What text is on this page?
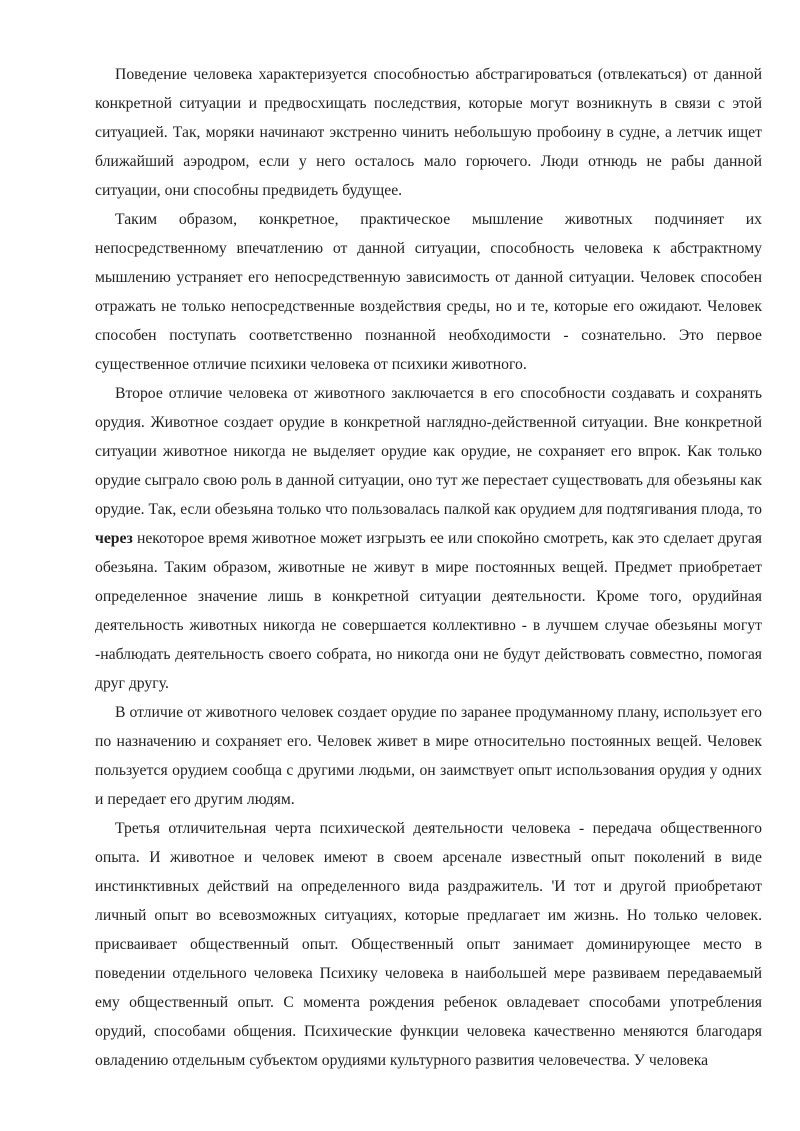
Поведение человека характеризуется способностью абстрагироваться (отвлекаться) от данной конкретной ситуации и предвосхищать последствия, которые могут возникнуть в связи с этой ситуацией. Так, моряки начинают экстренно чинить небольшую пробоину в судне, а летчик ищет ближайший аэродром, если у него осталось мало горючего. Люди отнюдь не рабы данной ситуации, они способны предвидеть будущее.

Таким образом, конкретное, практическое мышление животных подчиняет их непосредственному впечатлению от данной ситуации, способность человека к абстрактному мышлению устраняет его непосредственную зависимость от данной ситуации. Человек способен отражать не только непосредственные воздействия среды, но и те, которые его ожидают. Человек способен поступать соответственно познанной необходимости - сознательно. Это первое существенное отличие психики человека от психики животного.

Второе отличие человека от животного заключается в его способности создавать и сохранять орудия. Животное создает орудие в конкретной наглядно-действенной ситуации. Вне конкретной ситуации животное никогда не выделяет орудие как орудие, не сохраняет его впрок. Как только орудие сыграло свою роль в данной ситуации, оно тут же перестает существовать для обезьяны как орудие. Так, если обезьяна только что пользовалась палкой как орудием для подтягивания плода, то через некоторое время животное может изгрызть ее или спокойно смотреть, как это сделает другая обезьяна. Таким образом, животные не живут в мире постоянных вещей. Предмет приобретает определенное значение лишь в конкретной ситуации деятельности. Кроме того, орудийная деятельность животных никогда не совершается коллективно - в лучшем случае обезьяны могут -наблюдать деятельность своего собрата, но никогда они не будут действовать совместно, помогая друг другу.

В отличие от животного человек создает орудие по заранее продуманному плану, использует его по назначению и сохраняет его. Человек живет в мире относительно постоянных вещей. Человек пользуется орудием сообща с другими людьми, он заимствует опыт использования орудия у одних и передает его другим людям.

Третья отличительная черта психической деятельности человека - передача общественного опыта. И животное и человек имеют в своем арсенале известный опыт поколений в виде инстинктивных действий на определенного вида раздражитель. 'И тот и другой приобретают личный опыт во всевозможных ситуациях, которые предлагает им жизнь. Но только человек. присваивает общественный опыт. Общественный опыт занимает доминирующее место в поведении отдельного человека Психику человека в наибольшей мере развиваем передаваемый ему общественный опыт. С момента рождения ребенок овладевает способами употребления орудий, способами общения. Психические функции человека качественно меняются благодаря овладению отдельным субъектом орудиями культурного развития человечества. У человека
